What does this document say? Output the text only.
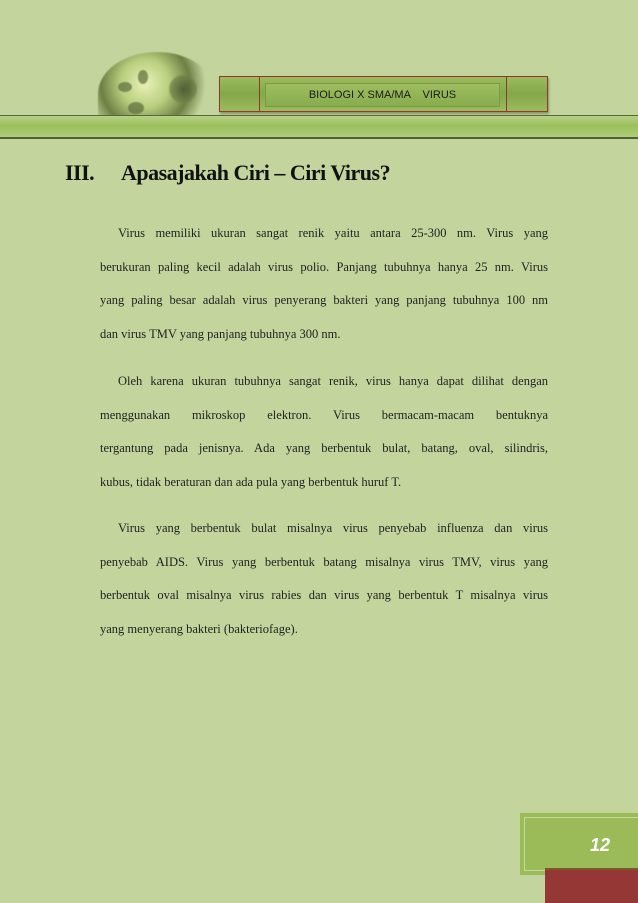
BIOLOGI X SMA/MA    VIRUS
III. Apasajakah Ciri – Ciri Virus?
Virus memiliki ukuran sangat renik yaitu antara 25-300 nm. Virus yang
berukuran paling kecil adalah virus polio. Panjang tubuhnya hanya 25 nm. Virus
yang paling besar adalah virus penyerang bakteri yang panjang tubuhnya 100 nm
dan virus TMV yang panjang tubuhnya 300 nm.
Oleh karena ukuran tubuhnya sangat renik, virus hanya dapat dilihat dengan
menggunakan mikroskop elektron. Virus bermacam-macam bentuknya
tergantung pada jenisnya. Ada yang berbentuk bulat, batang, oval, silindris,
kubus, tidak beraturan dan ada pula yang berbentuk huruf T.
Virus yang berbentuk bulat misalnya virus penyebab influenza dan virus
penyebab AIDS. Virus yang berbentuk batang misalnya virus TMV, virus yang
berbentuk oval misalnya virus rabies dan virus yang berbentuk T misalnya virus
yang menyerang bakteri (bakteriofage).
12
